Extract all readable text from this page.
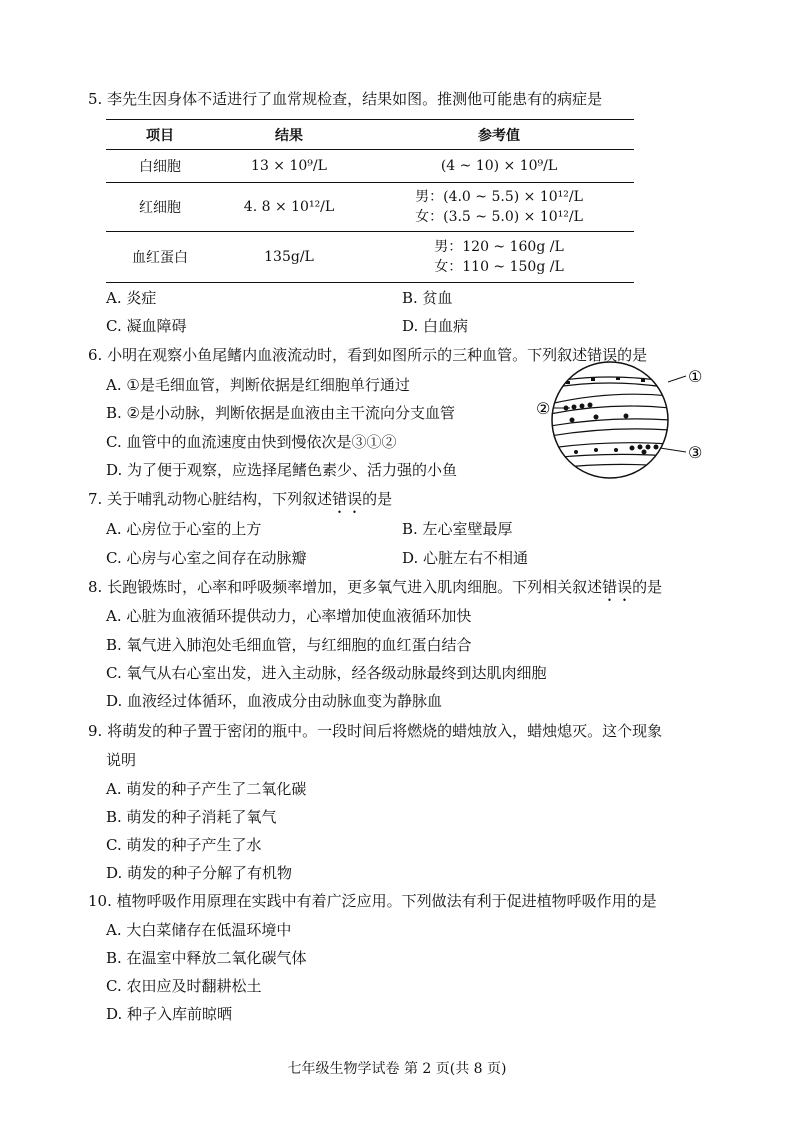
5. 李先生因身体不适进行了血常规检查，结果如图。推测他可能患有的病症是
项目	结果	参考值
白细胞	13 × 10⁹/L	(4 ~ 10) × 10⁹/L
红细胞	4. 8 × 10¹²/L	男：(4.0 ~ 5.5) × 10¹²/L
女：(3.5 ~ 5.0) × 10¹²/L

血红蛋白	135g/L	男：120 ~ 160g /L
女：110 ~ 150g /L
A. 炎症	B. 贫血
C. 凝血障碍	D. 白血病
6. 小明在观察小鱼尾鳍内血液流动时，看到如图所示的三种血管。下列叙述错误的是
A. ①是毛细血管，判断依据是红细胞单行通过
B. ②是小动脉，判断依据是血液由主干流向分支血管
C. 血管中的血流速度由快到慢依次是③①②
D. 为了便于观察，应选择尾鳍色素少、活力强的小鱼
①
②
③
7. 关于哺乳动物心脏结构，下列叙述错误的是
A. 心房位于心室的上方	B. 左心室壁最厚
C. 心房与心室之间存在动脉瓣	D. 心脏左右不相通
8. 长跑锻炼时，心率和呼吸频率增加，更多氧气进入肌肉细胞。下列相关叙述错误的是
A. 心脏为血液循环提供动力，心率增加使血液循环加快
B. 氧气进入肺泡处毛细血管，与红细胞的血红蛋白结合
C. 氧气从右心室出发，进入主动脉，经各级动脉最终到达肌肉细胞
D. 血液经过体循环，血液成分由动脉血变为静脉血
9. 将萌发的种子置于密闭的瓶中。一段时间后将燃烧的蜡烛放入，蜡烛熄灭。这个现象
说明
A. 萌发的种子产生了二氧化碳
B. 萌发的种子消耗了氧气
C. 萌发的种子产生了水
D. 萌发的种子分解了有机物
10. 植物呼吸作用原理在实践中有着广泛应用。下列做法有利于促进植物呼吸作用的是
A. 大白菜储存在低温环境中
B. 在温室中释放二氧化碳气体
C. 农田应及时翻耕松土
D. 种子入库前晾晒
七年级生物学试卷 第 2 页(共 8 页)
